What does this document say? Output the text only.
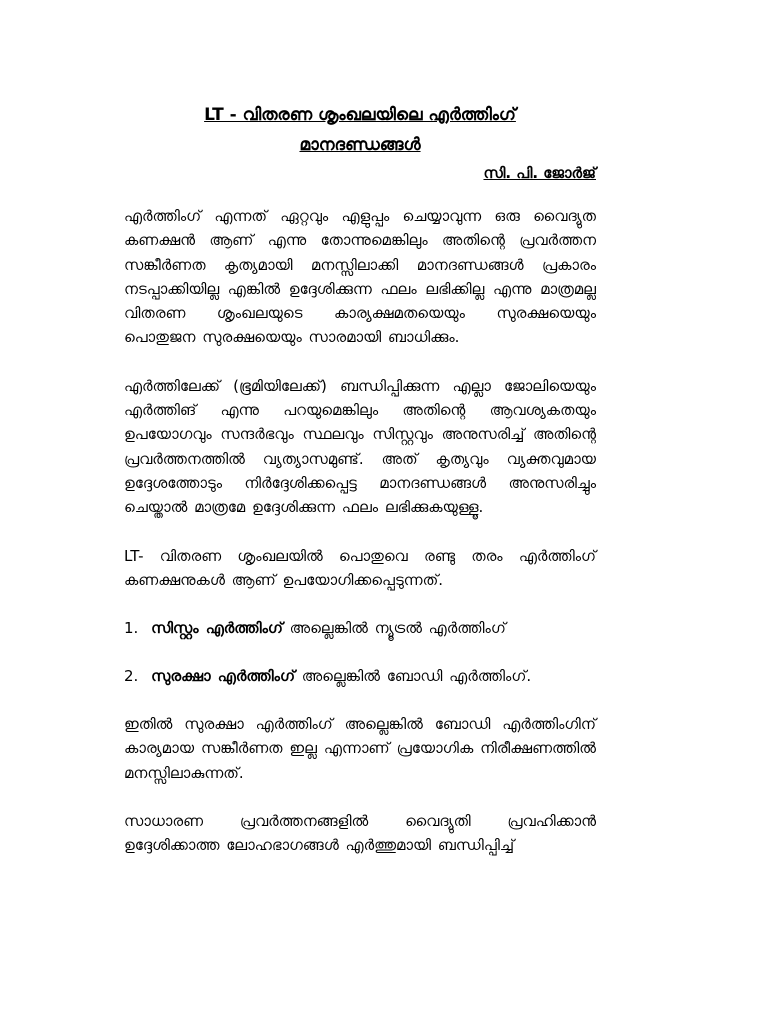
LT - വിതരണ ശൃംഖലയിലെ എർത്തിംഗ്

മാനദണ്ഡങ്ങൾ

സി. പി. ജോർജ്

എർത്തിംഗ് എന്നത് ഏറ്റവും എളുപ്പം ചെയ്യാവുന്ന ഒരു വൈദ്യുത കണക്ഷൻ ആണ് എന്നു തോന്നുമെങ്കിലും അതിന്റെ പ്രവർത്തന സങ്കീർണത കൃത്യമായി മനസ്സിലാക്കി മാനദണ്ഡങ്ങൾ പ്രകാരം നടപ്പാക്കിയില്ല എങ്കിൽ ഉദ്ദേശിക്കുന്ന ഫലം ലഭിക്കില്ല എന്നു മാത്രമല്ല വിതരണ ശൃംഖലയുടെ കാര്യക്ഷമതയെയും സുരക്ഷയെയും പൊതുജന സുരക്ഷയെയും സാരമായി ബാധിക്കും.

എർത്തിലേക്ക് (ഭൂമിയിലേക്ക്) ബന്ധിപ്പിക്കുന്ന എല്ലാ ജോലിയെയും എർത്തിങ് എന്നു പറയുമെങ്കിലും അതിന്റെ ആവശ്യകതയും ഉപയോഗവും സന്ദർഭവും സ്ഥലവും സിസ്റ്റവും അനുസരിച്ച് അതിന്റെ പ്രവർത്തനത്തിൽ വ്യത്യാസമുണ്ട്. അത് കൃത്യവും വ്യക്തവുമായ ഉദ്ദേശത്തോടും നിർദ്ദേശിക്കപ്പെട്ട മാനദണ്ഡങ്ങൾ അനുസരിച്ചും ചെയ്താൽ മാത്രമേ ഉദ്ദേശിക്കുന്ന ഫലം ലഭിക്കുകയുള്ളൂ.

LT- വിതരണ ശൃംഖലയിൽ പൊതുവെ രണ്ടു തരം എർത്തിംഗ് കണക്ഷനുകൾ ആണ് ഉപയോഗിക്കപ്പെടുന്നത്.

1. സിസ്റ്റം എർത്തിംഗ് അല്ലെങ്കിൽ ന്യൂട്രൽ എർത്തിംഗ്

2. സുരക്ഷാ എർത്തിംഗ് അല്ലെങ്കിൽ ബോഡി എർത്തിംഗ്.

ഇതിൽ സുരക്ഷാ എർത്തിംഗ് അല്ലെങ്കിൽ ബോഡി എർത്തിംഗിന് കാര്യമായ സങ്കീർണത ഇല്ല എന്നാണ് പ്രയോഗിക നിരീക്ഷണത്തിൽ മനസ്സിലാകുന്നത്.

സാധാരണ പ്രവർത്തനങ്ങളിൽ വൈദ്യുതി പ്രവഹിക്കാൻ ഉദ്ദേശിക്കാത്ത ലോഹഭാഗങ്ങൾ എർത്തുമായി ബന്ധിപ്പിച്ച്
